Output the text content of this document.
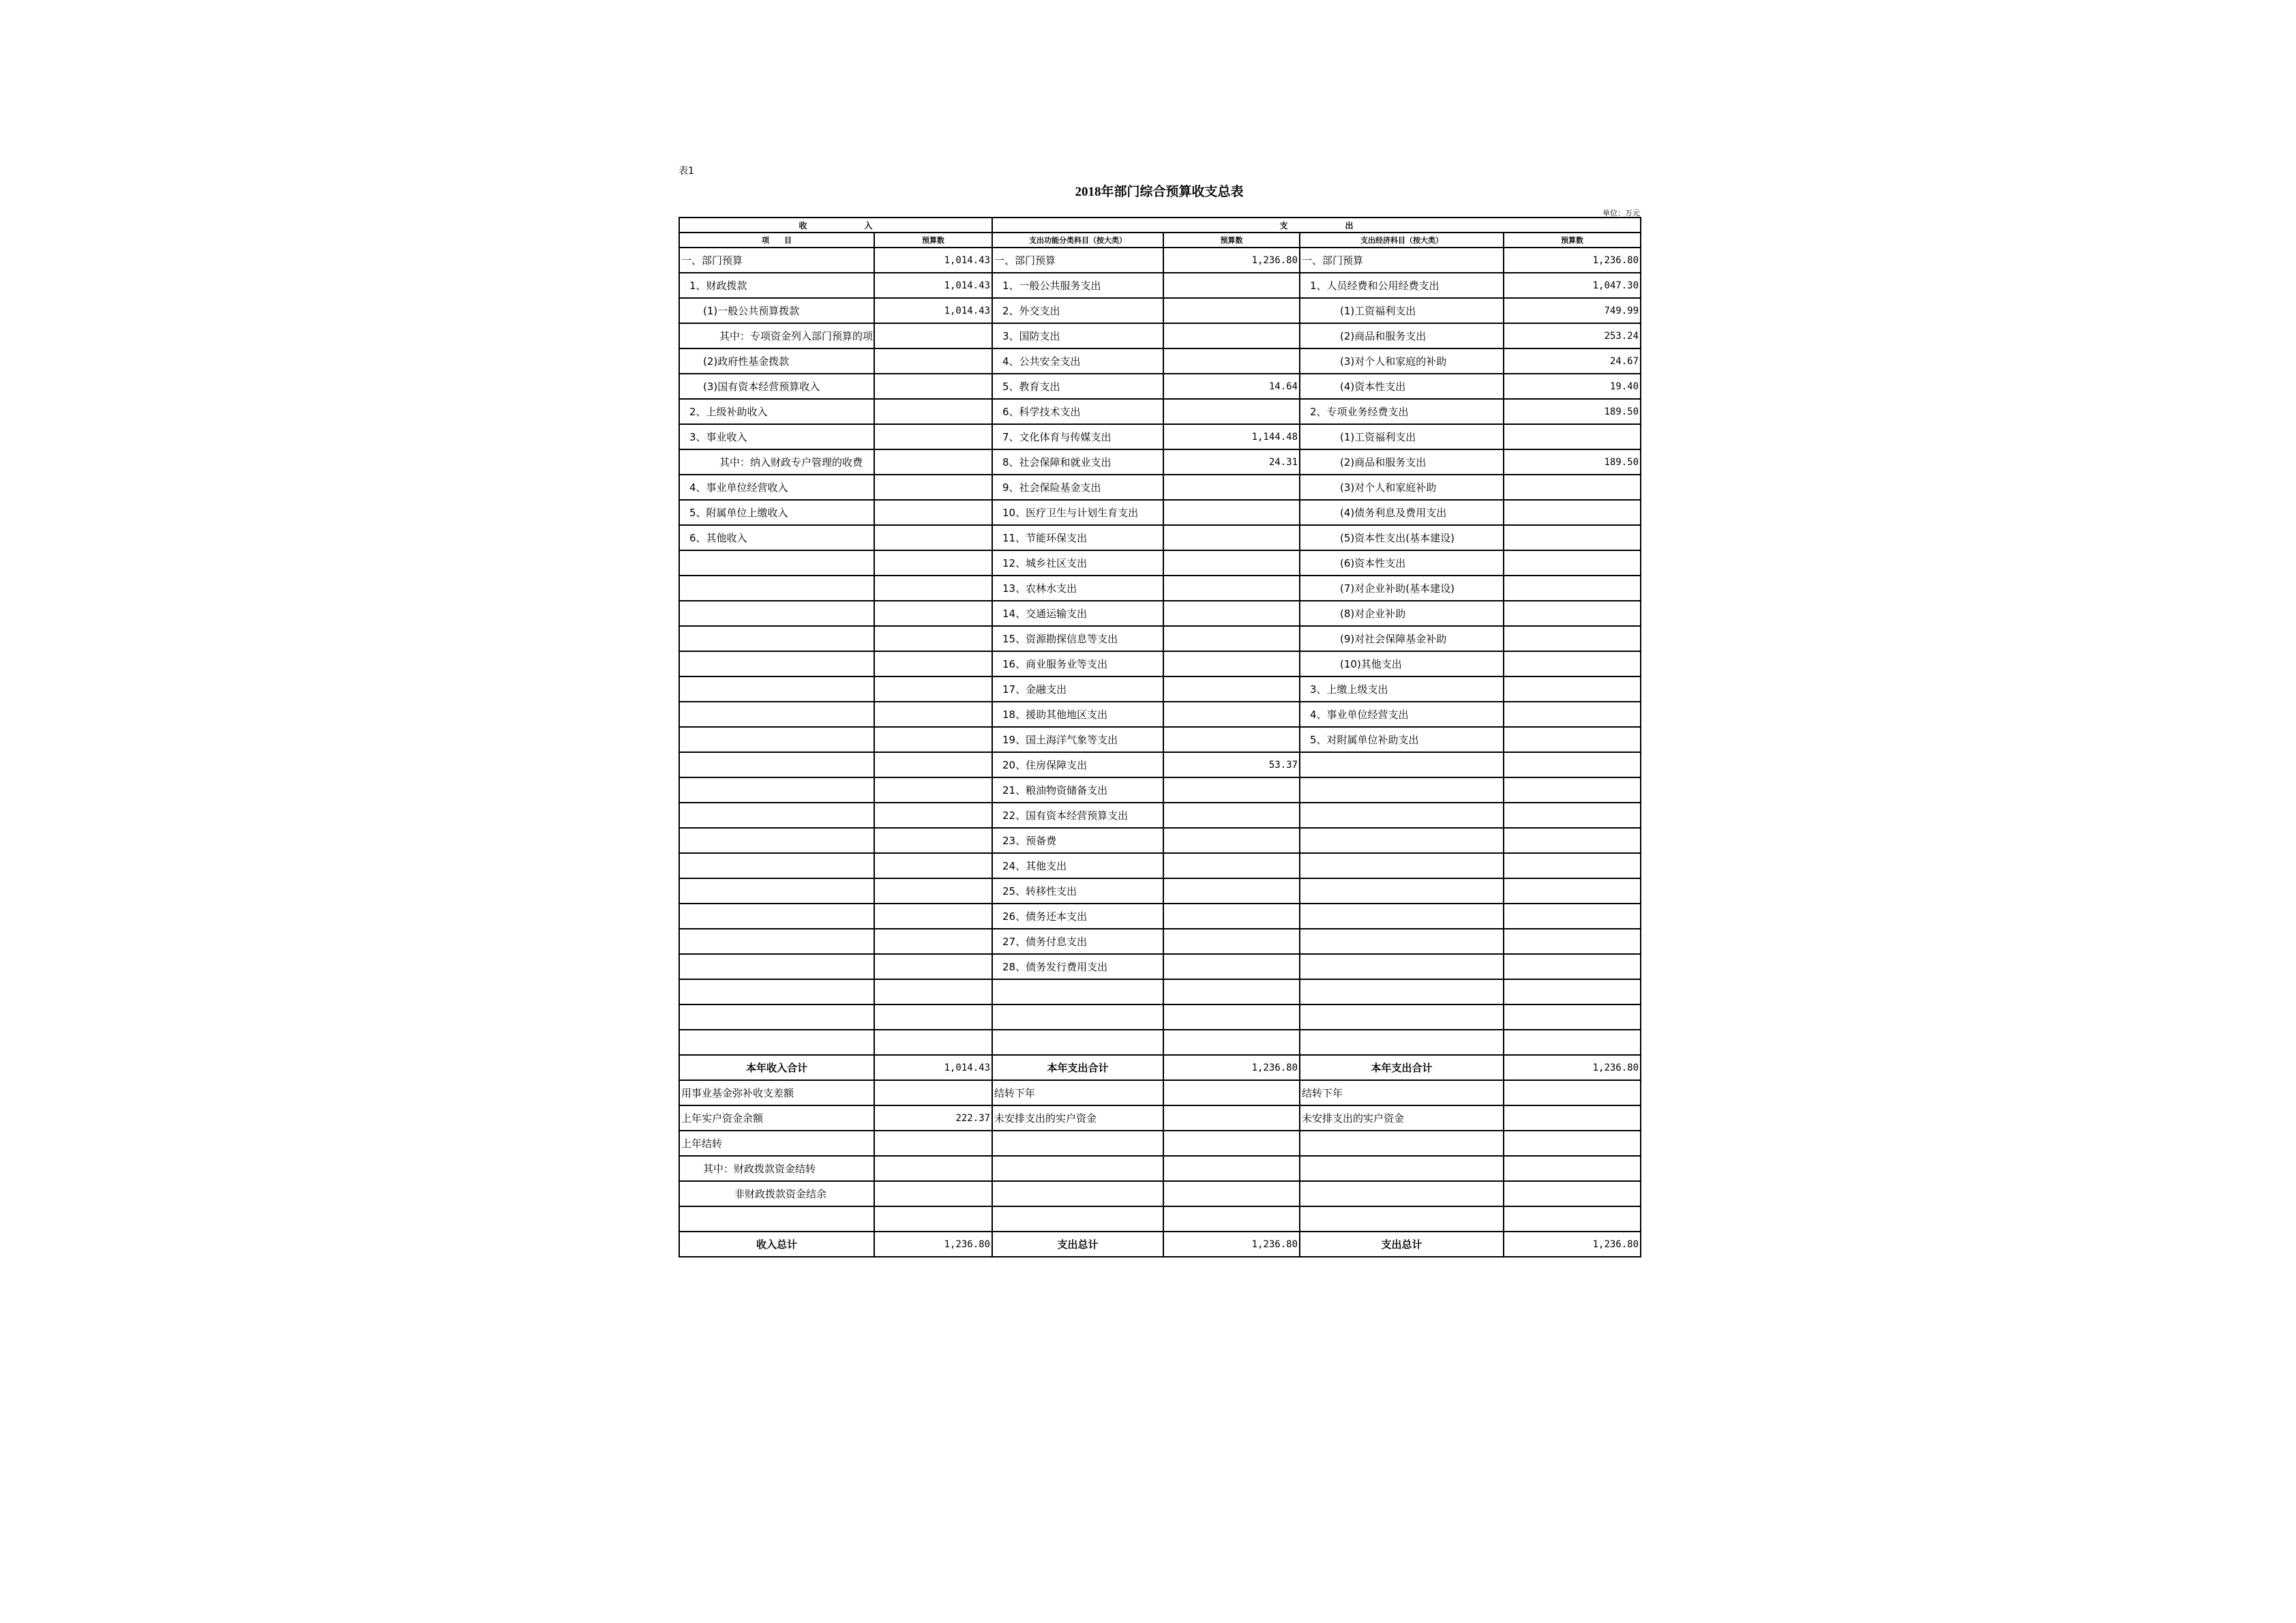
表1
2018年部门综合预算收支总表
单位：万元
收　　　　　　　入		支　　　　　　　出			
项　　目	预算数	支出功能分类科目（按大类）	预算数	支出经济科目（按大类）	预算数
一、部门预算	1,014.43	一、部门预算	1,236.80	一、部门预算	1,236.80
1、财政拨款	1,014.43	1、一般公共服务支出		1、人员经费和公用经费支出	1,047.30
(1)一般公共预算拨款	1,014.43	2、外交支出		(1)工资福利支出	749.99
其中：专项资金列入部门预算的项		3、国防支出		(2)商品和服务支出	253.24
(2)政府性基金拨款		4、公共安全支出		(3)对个人和家庭的补助	24.67
(3)国有资本经营预算收入		5、教育支出	14.64	(4)资本性支出	19.40
2、上级补助收入		6、科学技术支出		2、专项业务经费支出	189.50
3、事业收入		7、文化体育与传媒支出	1,144.48	(1)工资福利支出	
其中：纳入财政专户管理的收费		8、社会保障和就业支出	24.31	(2)商品和服务支出	189.50
4、事业单位经营收入		9、社会保险基金支出		(3)对个人和家庭补助	
5、附属单位上缴收入		10、医疗卫生与计划生育支出		(4)债务利息及费用支出	
6、其他收入		11、节能环保支出		(5)资本性支出(基本建设)	
		12、城乡社区支出		(6)资本性支出	
		13、农林水支出		(7)对企业补助(基本建设)	
		14、交通运输支出		(8)对企业补助	
		15、资源勘探信息等支出		(9)对社会保障基金补助	
		16、商业服务业等支出		(10)其他支出	
		17、金融支出		3、上缴上级支出	
		18、援助其他地区支出		4、事业单位经营支出	
		19、国土海洋气象等支出		5、对附属单位补助支出	
		20、住房保障支出	53.37		
		21、粮油物资储备支出			
		22、国有资本经营预算支出			
		23、预备费			
		24、其他支出			
		25、转移性支出			
		26、债务还本支出			
		27、债务付息支出			
		28、债务发行费用支出			

本年收入合计	1,014.43	本年支出合计	1,236.80	本年支出合计	1,236.80
用事业基金弥补收支差额		结转下年		结转下年	
上年实户资金余额	222.37	未安排支出的实户资金		未安排支出的实户资金	
上年结转					
其中：财政拨款资金结转					
非财政拨款资金结余					

收入总计	1,236.80	支出总计	1,236.80	支出总计	1,236.80
